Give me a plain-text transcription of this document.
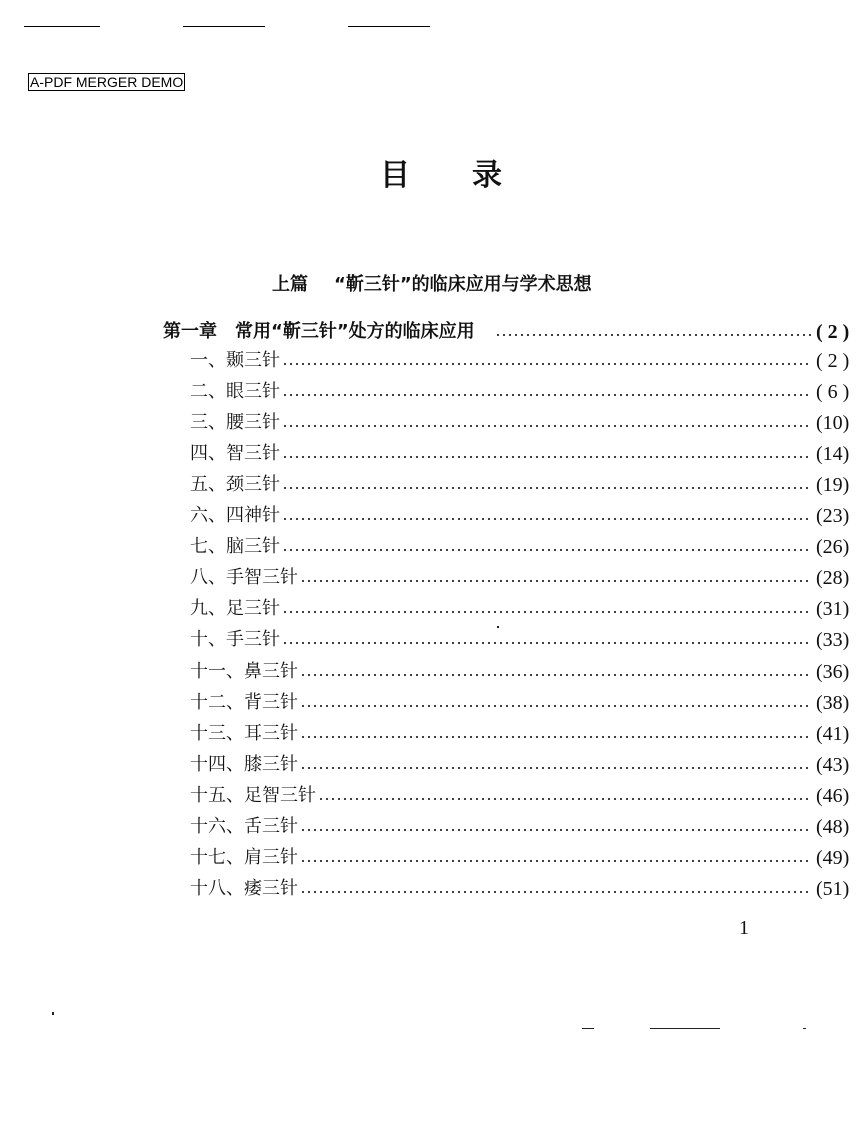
A-PDF MERGER DEMO
目录
上篇 “靳三针”的临床应用与学术思想
第一章　常用“靳三针”处方的临床应用	( 2 )
一、颞三针	( 2 )
二、眼三针	( 6 )
三、腰三针	(10)
四、智三针	(14)
五、颈三针	(19)
六、四神针	(23)
七、脑三针	(26)
八、手智三针	(28)
九、足三针	(31)
十、手三针	(33)
十一、鼻三针	(36)
十二、背三针	(38)
十三、耳三针	(41)
十四、膝三针	(43)
十五、足智三针	(46)
十六、舌三针	(48)
十七、肩三针	(49)
十八、痿三针	(51)
1
